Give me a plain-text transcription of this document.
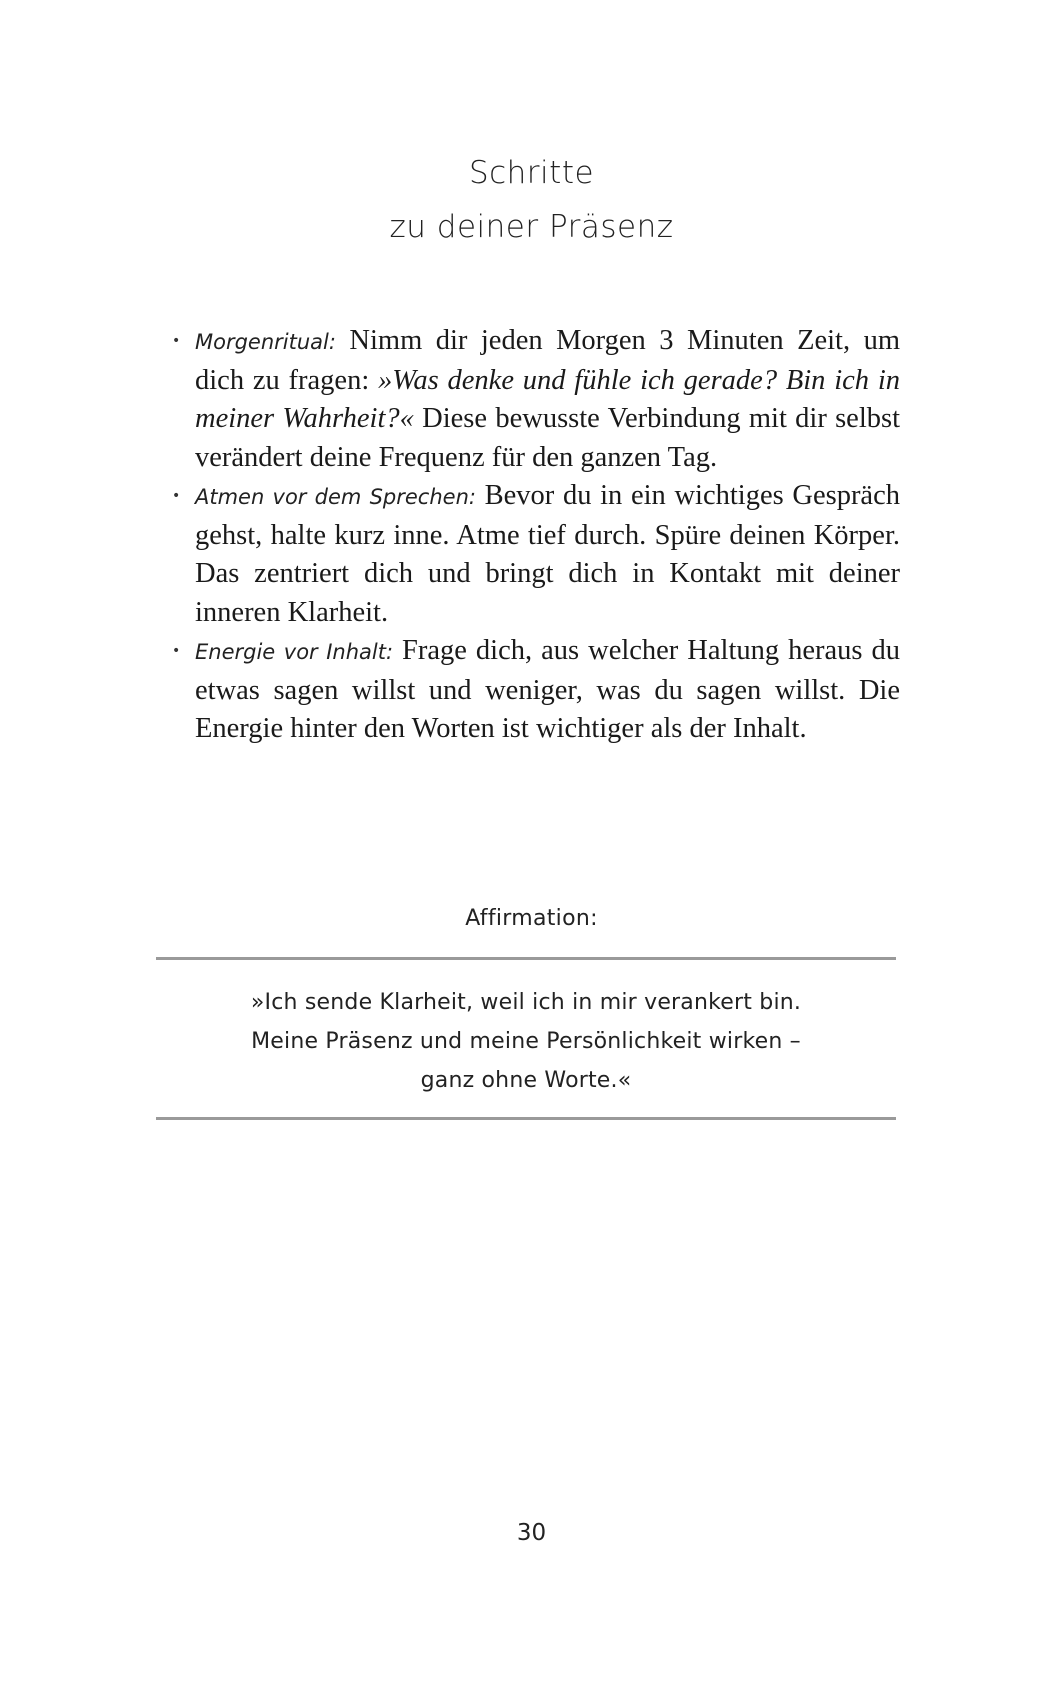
Schritte
zu deiner Präsenz
• Morgenritual: Nimm dir jeden Morgen 3 Minuten Zeit, um dich zu fragen: »Was denke und fühle ich gerade? Bin ich in meiner Wahrheit?« Diese bewusste Verbindung mit dir selbst verändert deine Frequenz für den ganzen Tag.
• Atmen vor dem Sprechen: Bevor du in ein wichtiges Gespräch gehst, halte kurz inne. Atme tief durch. Spüre deinen Körper. Das zentriert dich und bringt dich in Kontakt mit deiner inneren Klarheit.
• Energie vor Inhalt: Frage dich, aus welcher Haltung heraus du etwas sagen willst und weniger, was du sagen willst. Die Energie hinter den Worten ist wichtiger als der Inhalt.
Affirmation:
»Ich sende Klarheit, weil ich in mir verankert bin.
Meine Präsenz und meine Persönlichkeit wirken –
ganz ohne Worte.«
30
